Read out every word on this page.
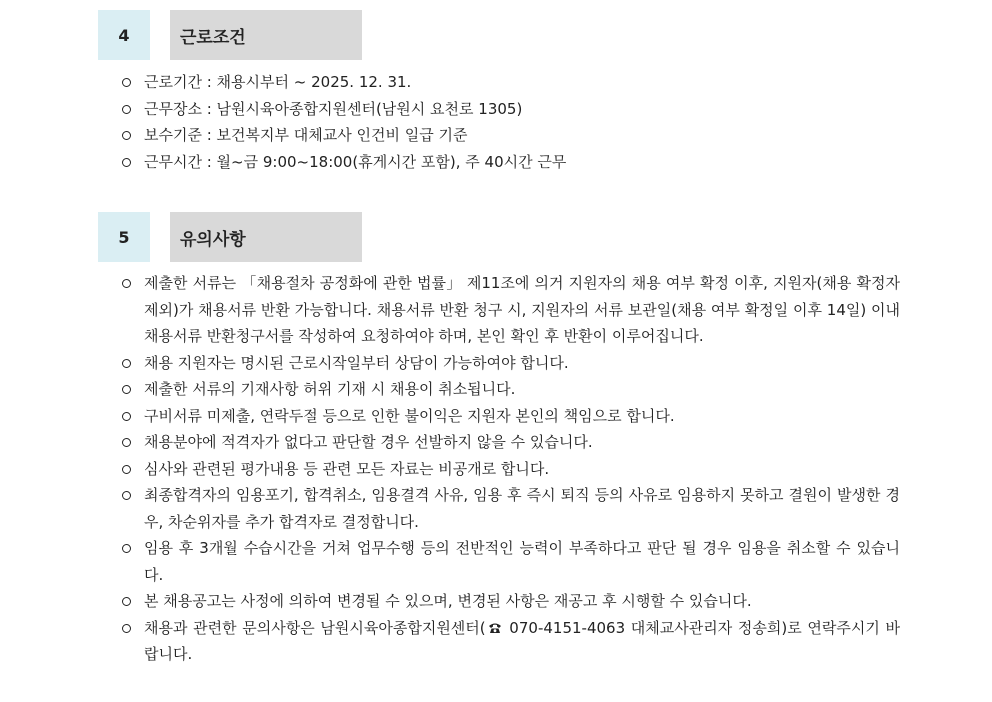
4	근로조건
근로기간 : 채용시부터 ~ 2025. 12. 31.
근무장소 : 남원시육아종합지원센터(남원시 요천로 1305)
보수기준 : 보건복지부 대체교사 인건비 일급 기준
근무시간 : 월~금 9:00~18:00(휴게시간 포함), 주 40시간 근무
5	유의사항
제출한 서류는 「채용절차 공정화에 관한 법률」 제11조에 의거 지원자의 채용 여부 확정 이후, 지원자(채용 확정자 제외)가 채용서류 반환 가능합니다. 채용서류 반환 청구 시, 지원자의 서류 보관일(채용 여부 확정일 이후 14일) 이내 채용서류 반환청구서를 작성하여 요청하여야 하며, 본인 확인 후 반환이 이루어집니다.
채용 지원자는 명시된 근로시작일부터 상담이 가능하여야 합니다.
제출한 서류의 기재사항 허위 기재 시 채용이 취소됩니다.
구비서류 미제출, 연락두절 등으로 인한 불이익은 지원자 본인의 책임으로 합니다.
채용분야에 적격자가 없다고 판단할 경우 선발하지 않을 수 있습니다.
심사와 관련된 평가내용 등 관련 모든 자료는 비공개로 합니다.
최종합격자의 임용포기, 합격취소, 임용결격 사유, 임용 후 즉시 퇴직 등의 사유로 임용하지 못하고 결원이 발생한 경우, 차순위자를 추가 합격자로 결정합니다.
임용 후 3개월 수습시간을 거쳐 업무수행 등의 전반적인 능력이 부족하다고 판단 될 경우 임용을 취소할 수 있습니다.
본 채용공고는 사정에 의하여 변경될 수 있으며, 변경된 사항은 재공고 후 시행할 수 있습니다.
채용과 관련한 문의사항은 남원시육아종합지원센터( 070-4151-4063 대체교사관리자 정송희)로 연락주시기 바랍니다.
